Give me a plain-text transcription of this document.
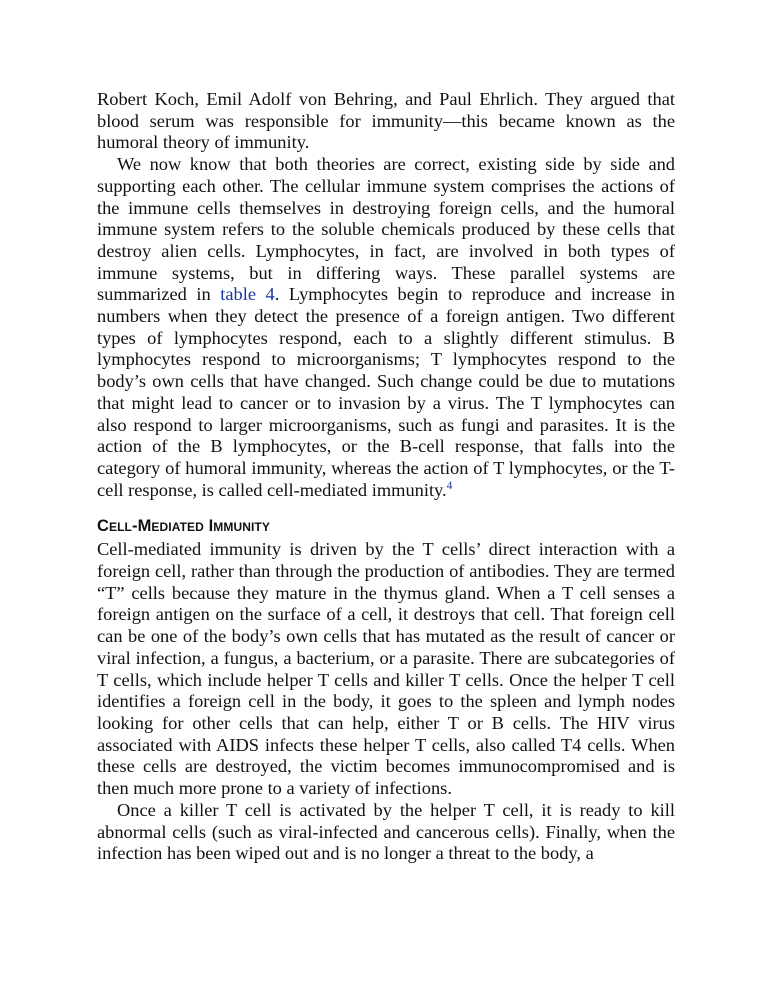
Robert Koch, Emil Adolf von Behring, and Paul Ehrlich. They argued that blood serum was responsible for immunity—this became known as the humoral theory of immunity.

We now know that both theories are correct, existing side by side and supporting each other. The cellular immune system comprises the actions of the immune cells themselves in destroying foreign cells, and the humoral immune system refers to the soluble chemicals produced by these cells that destroy alien cells. Lymphocytes, in fact, are involved in both types of immune systems, but in differing ways. These parallel systems are summarized in table 4. Lymphocytes begin to reproduce and increase in numbers when they detect the presence of a foreign antigen. Two different types of lymphocytes respond, each to a slightly different stimulus. B lymphocytes respond to microorganisms; T lymphocytes respond to the body’s own cells that have changed. Such change could be due to mutations that might lead to cancer or to invasion by a virus. The T lymphocytes can also respond to larger microorganisms, such as fungi and parasites. It is the action of the B lymphocytes, or the B-cell response, that falls into the category of humoral immunity, whereas the action of T lymphocytes, or the T-cell response, is called cell-mediated immunity.$^4$

Cell-Mediated Immunity

Cell-mediated immunity is driven by the T cells’ direct interaction with a foreign cell, rather than through the production of antibodies. They are termed “T” cells because they mature in the thymus gland. When a T cell senses a foreign antigen on the surface of a cell, it destroys that cell. That foreign cell can be one of the body’s own cells that has mutated as the result of cancer or viral infection, a fungus, a bacterium, or a parasite. There are subcategories of T cells, which include helper T cells and killer T cells. Once the helper T cell identifies a foreign cell in the body, it goes to the spleen and lymph nodes looking for other cells that can help, either T or B cells. The HIV virus associated with AIDS infects these helper T cells, also called T4 cells. When these cells are destroyed, the victim becomes immunocompromised and is then much more prone to a variety of infections.

Once a killer T cell is activated by the helper T cell, it is ready to kill abnormal cells (such as viral-infected and cancerous cells). Finally, when the infection has been wiped out and is no longer a threat to the body, a
